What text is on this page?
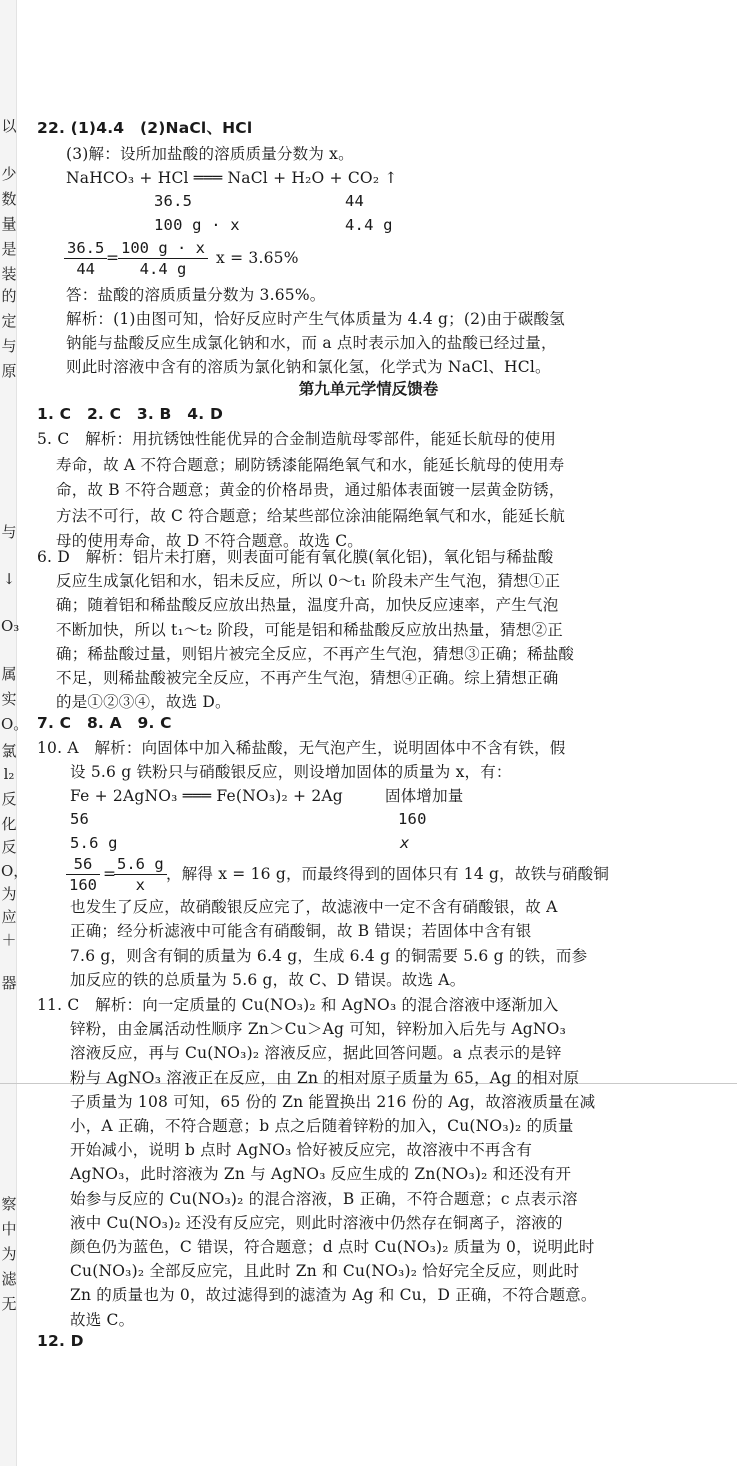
以
少
数
量
是
装
的
定
与
原
与
↓
O₃
属
实
O。
氯
l₂
反
化
反
O，
为
应
＋
器
察
中
为
滤
无
22. (1)4.4　(2)NaCl、HCl
(3)解：设所加盐酸的溶质质量分数为 x。
NaHCO₃ + HCl ═══ NaCl + H₂O + CO₂ ↑
36.5	44
100 g · x	4.4 g
$\frac{36.5}{44}$
=
$\frac{100 g \cdot x}{4.4 g}$ x = 3.65%
答：盐酸的溶质质量分数为 3.65%。
解析：(1)由图可知，恰好反应时产生气体质量为 4.4 g；(2)由于碳酸氢
钠能与盐酸反应生成氯化钠和水，而 a 点时表示加入的盐酸已经过量，
则此时溶液中含有的溶质为氯化钠和氯化氢，化学式为 NaCl、HCl。
第九单元学情反馈卷
1. C　2. C　3. B　4. D
5. C　解析：用抗锈蚀性能优异的合金制造航母零部件，能延长航母的使用
寿命，故 A 不符合题意；刷防锈漆能隔绝氧气和水，能延长航母的使用寿
命，故 B 不符合题意；黄金的价格昂贵，通过船体表面镀一层黄金防锈，
方法不可行，故 C 符合题意；给某些部位涂油能隔绝氧气和水，能延长航
母的使用寿命，故 D 不符合题意。故选 C。
6. D　解析：铝片未打磨，则表面可能有氧化膜(氧化铝)，氧化铝与稀盐酸
反应生成氯化铝和水，铝未反应，所以 0～t₁ 阶段未产生气泡，猜想①正
确；随着铝和稀盐酸反应放出热量，温度升高，加快反应速率，产生气泡
不断加快，所以 t₁～t₂ 阶段，可能是铝和稀盐酸反应放出热量，猜想②正
确；稀盐酸过量，则铝片被完全反应，不再产生气泡，猜想③正确；稀盐酸
不足，则稀盐酸被完全反应，不再产生气泡，猜想④正确。综上猜想正确
的是①②③④，故选 D。
7. C　8. A　9. C
10. A　解析：向固体中加入稀盐酸，无气泡产生，说明固体中不含有铁，假
设 5.6 g 铁粉只与硝酸银反应，则设增加固体的质量为 x，有：
Fe + 2AgNO₃ ═══ Fe(NO₃)₂ + 2Ag	固体增加量
56	160
5.6 g	x
$\frac{56}{160}$ =
$\frac{5.6 g}{x}$ ，解得 x = 16 g，而最终得到的固体只有 14 g，故铁与硝酸铜
也发生了反应，故硝酸银反应完了，故滤液中一定不含有硝酸银，故 A
正确；经分析滤液中可能含有硝酸铜，故 B 错误；若固体中含有银
7.6 g，则含有铜的质量为 6.4 g，生成 6.4 g 的铜需要 5.6 g 的铁，而参
加反应的铁的总质量为 5.6 g，故 C、D 错误。故选 A。
11. C　解析：向一定质量的 Cu(NO₃)₂ 和 AgNO₃ 的混合溶液中逐渐加入
锌粉，由金属活动性顺序 Zn＞Cu＞Ag 可知，锌粉加入后先与 AgNO₃
溶液反应，再与 Cu(NO₃)₂ 溶液反应，据此回答问题。a 点表示的是锌
粉与 AgNO₃ 溶液正在反应，由 Zn 的相对原子质量为 65，Ag 的相对原
子质量为 108 可知，65 份的 Zn 能置换出 216 份的 Ag，故溶液质量在减
小，A 正确，不符合题意；b 点之后随着锌粉的加入，Cu(NO₃)₂ 的质量
开始减小，说明 b 点时 AgNO₃ 恰好被反应完，故溶液中不再含有
AgNO₃，此时溶液为 Zn 与 AgNO₃ 反应生成的 Zn(NO₃)₂ 和还没有开
始参与反应的 Cu(NO₃)₂ 的混合溶液，B 正确，不符合题意；c 点表示溶
液中 Cu(NO₃)₂ 还没有反应完，则此时溶液中仍然存在铜离子，溶液的
颜色仍为蓝色，C 错误，符合题意；d 点时 Cu(NO₃)₂ 质量为 0，说明此时
Cu(NO₃)₂ 全部反应完，且此时 Zn 和 Cu(NO₃)₂ 恰好完全反应，则此时
Zn 的质量也为 0，故过滤得到的滤渣为 Ag 和 Cu，D 正确，不符合题意。
故选 C。
12. D
